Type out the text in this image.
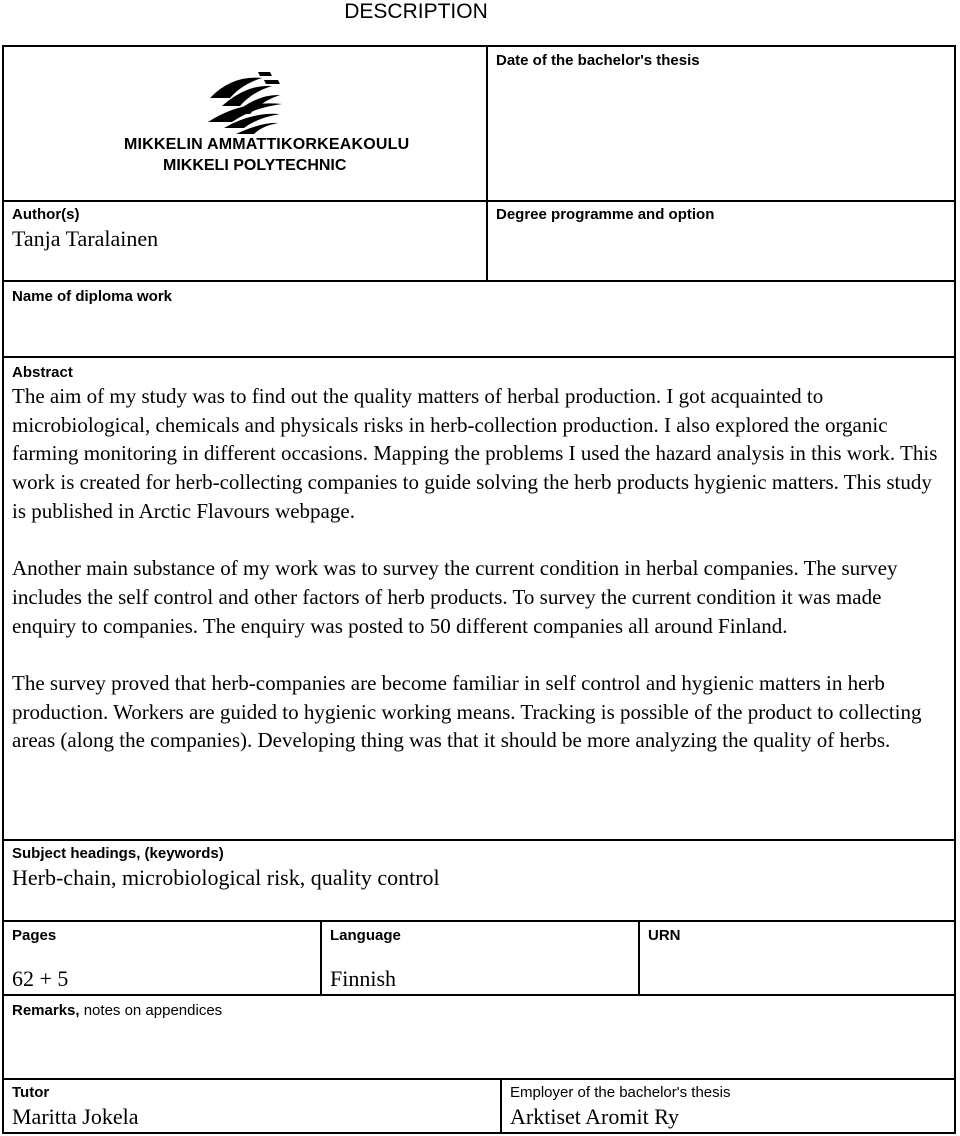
DESCRIPTION
Date of the bachelor's thesis
MIKKELIN AMMATTIKORKEAKOULU
MIKKELI POLYTECHNIC
Author(s)
Tanja Taralainen
Degree programme and option
Name of diploma work
Abstract

The aim of my study was to find out the quality matters of herbal production. I got acquainted to microbiological, chemicals and physicals risks in herb-collection production. I also explored the organic farming monitoring in different occasions. Mapping the problems I used the hazard analysis in this work. This work is created for herb-collecting companies to guide solving the herb products hygienic matters. This study is published in Arctic Flavours webpage.

Another main substance of my work was to survey the current condition in herbal companies. The survey includes the self control and other factors of herb products. To survey the current condition it was made enquiry to companies. The enquiry was posted to 50 different companies all around Finland.

The survey proved that herb-companies are become familiar in self control and hygienic matters in herb production. Workers are guided to hygienic working means. Tracking is possible of the product to collecting areas (along the companies). Developing thing was that it should be more analyzing the quality of herbs.

Subject headings, (keywords)
Herb-chain, microbiological risk, quality control
Pages
62 + 5
Language
Finnish
URN
Remarks, notes on appendices
Tutor
Maritta Jokela
Employer of the bachelor's thesis
Arktiset Aromit Ry
